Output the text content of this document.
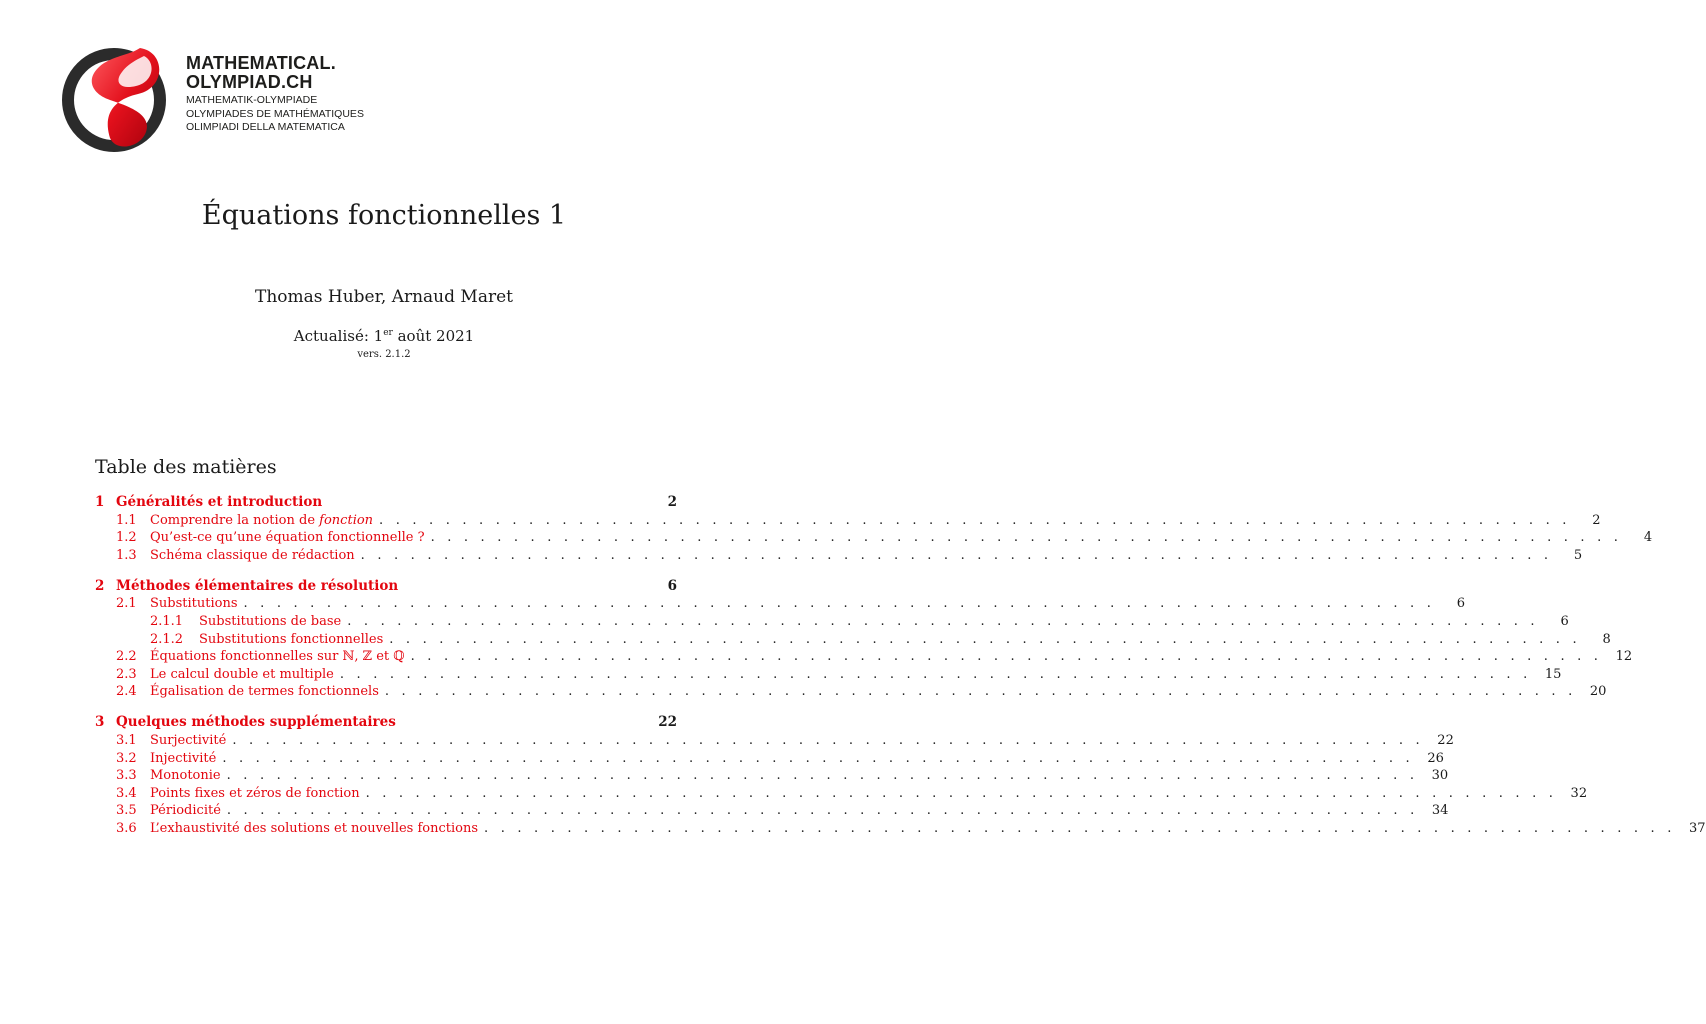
MATHEMATICAL.
OLYMPIAD.CH
MATHEMATIK-OLYMPIADE
OLYMPIADES DE MATHÉMATIQUES
OLIMPIADI DELLA MATEMATICA
Équations fonctionnelles 1
Thomas Huber, Arnaud Maret
Actualisé: 1er août 2021
vers. 2.1.2
Table des matières
1 Généralités et introduction	2
1.1	Comprendre la notion de fonction . . . . . . . . . . . . . . . . . . . . . . . . . . . . . . . . . . . . . . . . . . . . . . . . . . . . . . . . . . . . . . . . . . . . . . . .	2
1.2	Qu’est-ce qu’une équation fonctionnelle ? . . . . . . . . . . . . . . . . . . . . . . . . . . . . . . . . . . . . . . . . . . . . . . . . . . . . . . . . . . . . . . . . . . . . . . . .	4
1.3	Schéma classique de rédaction . . . . . . . . . . . . . . . . . . . . . . . . . . . . . . . . . . . . . . . . . . . . . . . . . . . . . . . . . . . . . . . . . . . . . . . .	5
2 Méthodes élémentaires de résolution	6
2.1	Substitutions . . . . . . . . . . . . . . . . . . . . . . . . . . . . . . . . . . . . . . . . . . . . . . . . . . . . . . . . . . . . . . . . . . . . . . . .	6
2.1.1	Substitutions de base . . . . . . . . . . . . . . . . . . . . . . . . . . . . . . . . . . . . . . . . . . . . . . . . . . . . . . . . . . . . . . . . . . . . . . . .	6
2.1.2	Substitutions fonctionnelles . . . . . . . . . . . . . . . . . . . . . . . . . . . . . . . . . . . . . . . . . . . . . . . . . . . . . . . . . . . . . . . . . . . . . . . .	8
2.2	Équations fonctionnelles sur ℕ, ℤ et ℚ . . . . . . . . . . . . . . . . . . . . . . . . . . . . . . . . . . . . . . . . . . . . . . . . . . . . . . . . . . . . . . . . . . . . . . . .	12
2.3	Le calcul double et multiple . . . . . . . . . . . . . . . . . . . . . . . . . . . . . . . . . . . . . . . . . . . . . . . . . . . . . . . . . . . . . . . . . . . . . . . .	15
2.4	Égalisation de termes fonctionnels . . . . . . . . . . . . . . . . . . . . . . . . . . . . . . . . . . . . . . . . . . . . . . . . . . . . . . . . . . . . . . . . . . . . . . . .	20
3 Quelques méthodes supplémentaires	22
3.1	Surjectivité . . . . . . . . . . . . . . . . . . . . . . . . . . . . . . . . . . . . . . . . . . . . . . . . . . . . . . . . . . . . . . . . . . . . . . . .	22
3.2	Injectivité . . . . . . . . . . . . . . . . . . . . . . . . . . . . . . . . . . . . . . . . . . . . . . . . . . . . . . . . . . . . . . . . . . . . . . . .	26
3.3	Monotonie . . . . . . . . . . . . . . . . . . . . . . . . . . . . . . . . . . . . . . . . . . . . . . . . . . . . . . . . . . . . . . . . . . . . . . . .	30
3.4	Points fixes et zéros de fonction . . . . . . . . . . . . . . . . . . . . . . . . . . . . . . . . . . . . . . . . . . . . . . . . . . . . . . . . . . . . . . . . . . . . . . . .	32
3.5	Périodicité . . . . . . . . . . . . . . . . . . . . . . . . . . . . . . . . . . . . . . . . . . . . . . . . . . . . . . . . . . . . . . . . . . . . . . . .	34
3.6	L’exhaustivité des solutions et nouvelles fonctions . . . . . . . . . . . . . . . . . . . . . . . . . . . . . . . . . . . . . . . . . . . . . . . . . . . . . . . . . . . . . . . . . . . . . . . .	37
